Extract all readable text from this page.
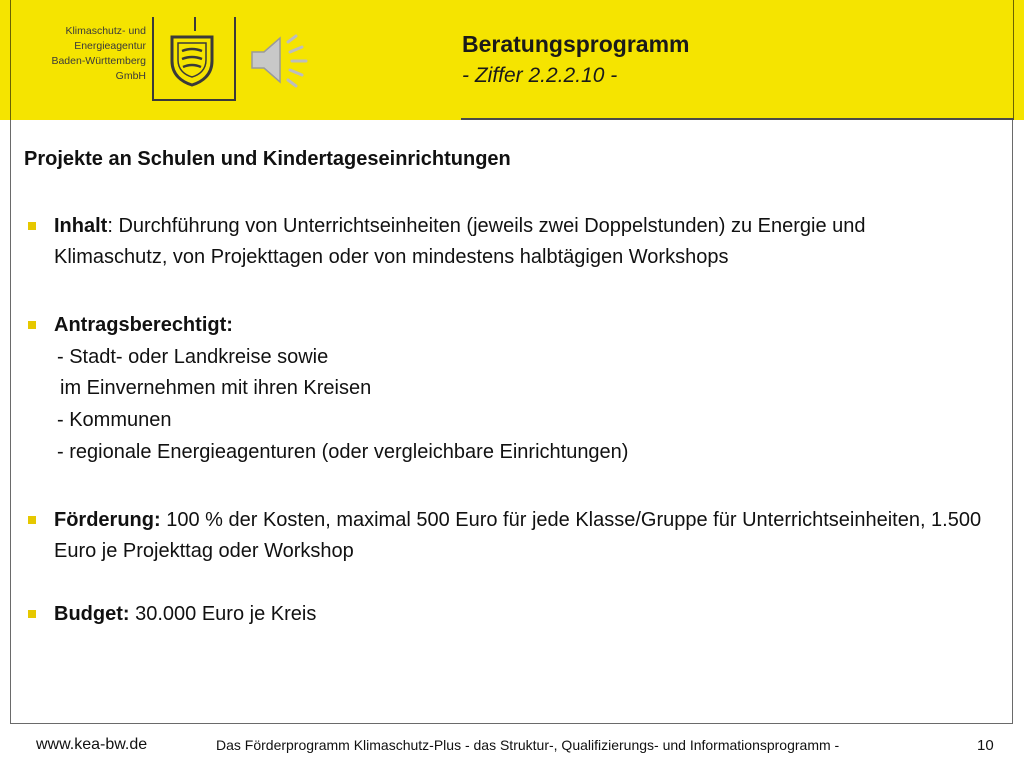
Klimaschutz- und
Energieagentur
Baden-Württemberg
GmbH
Beratungsprogramm
- Ziffer 2.2.2.10 -
Projekte an Schulen und Kindertageseinrichtungen
Inhalt: Durchführung von Unterrichtseinheiten (jeweils zwei Doppelstunden) zu Energie und Klimaschutz, von Projekttagen oder von mindestens halbtägigen Workshops
Antragsberechtigt:
- Stadt- oder Landkreise sowie
im Einvernehmen mit ihren Kreisen
- Kommunen
- regionale Energieagenturen (oder vergleichbare Einrichtungen)
Förderung: 100 % der Kosten, maximal 500 Euro für jede Klasse/Gruppe für Unterrichtseinheiten, 1.500 Euro je Projekttag oder Workshop
Budget: 30.000 Euro je Kreis
www.kea-bw.de	Das Förderprogramm Klimaschutz-Plus - das Struktur-, Qualifizierungs- und Informationsprogramm -	10
